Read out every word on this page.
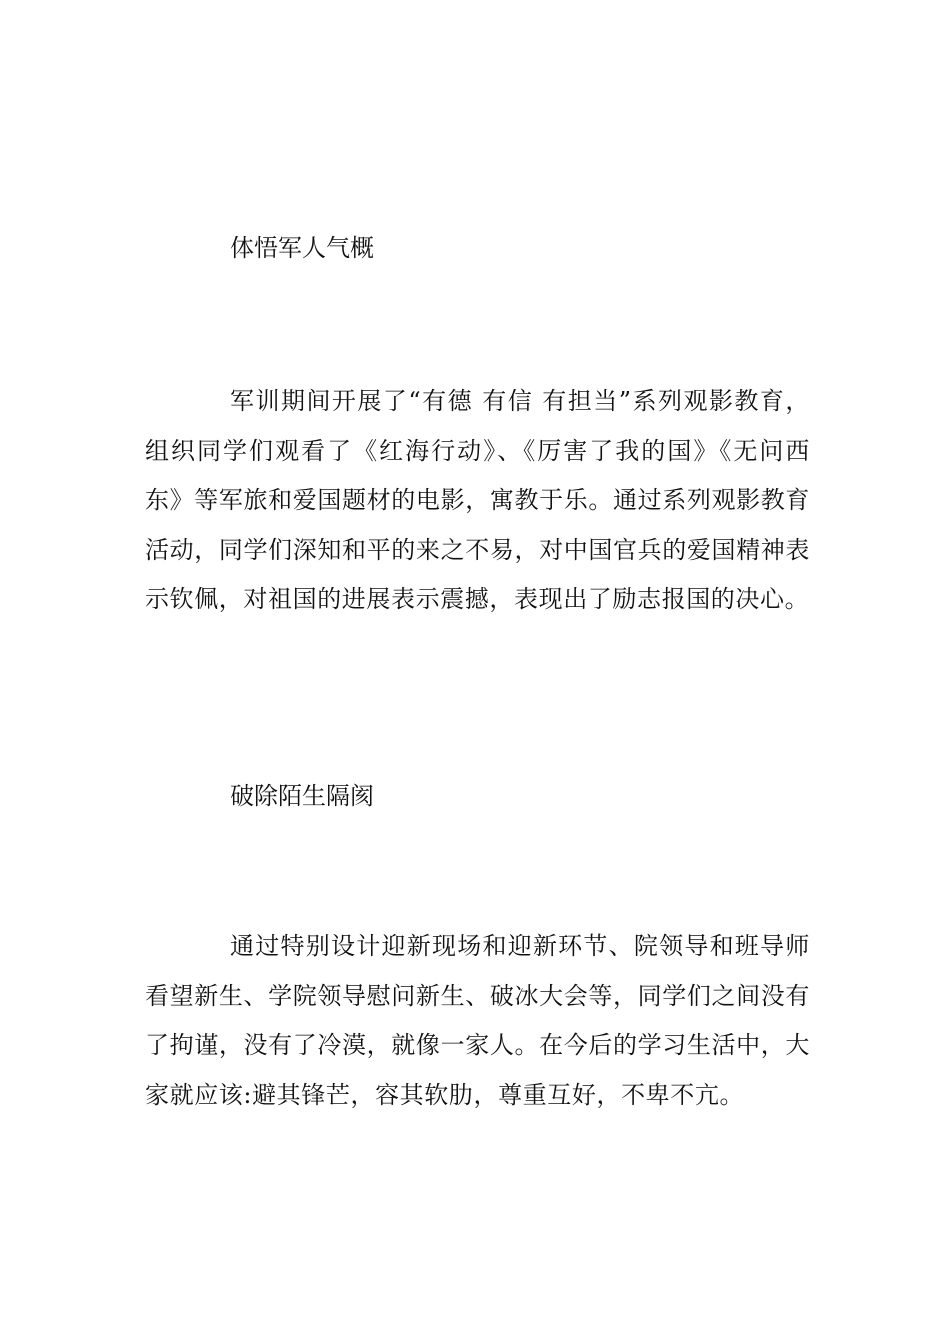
体悟军人气概

军训期间开展了“有德 有信 有担当”系列观影教育，组织同学们观看了《红海行动》、《厉害了我的国》《无问西东》等军旅和爱国题材的电影，寓教于乐。通过系列观影教育活动，同学们深知和平的来之不易，对中国官兵的爱国精神表示钦佩，对祖国的进展表示震撼，表现出了励志报国的决心。

破除陌生隔阂

通过特别设计迎新现场和迎新环节、院领导和班导师看望新生、学院领导慰问新生、破冰大会等，同学们之间没有了拘谨，没有了冷漠，就像一家人。在今后的学习生活中，大家就应该:避其锋芒，容其软肋，尊重互好，不卑不亢。
